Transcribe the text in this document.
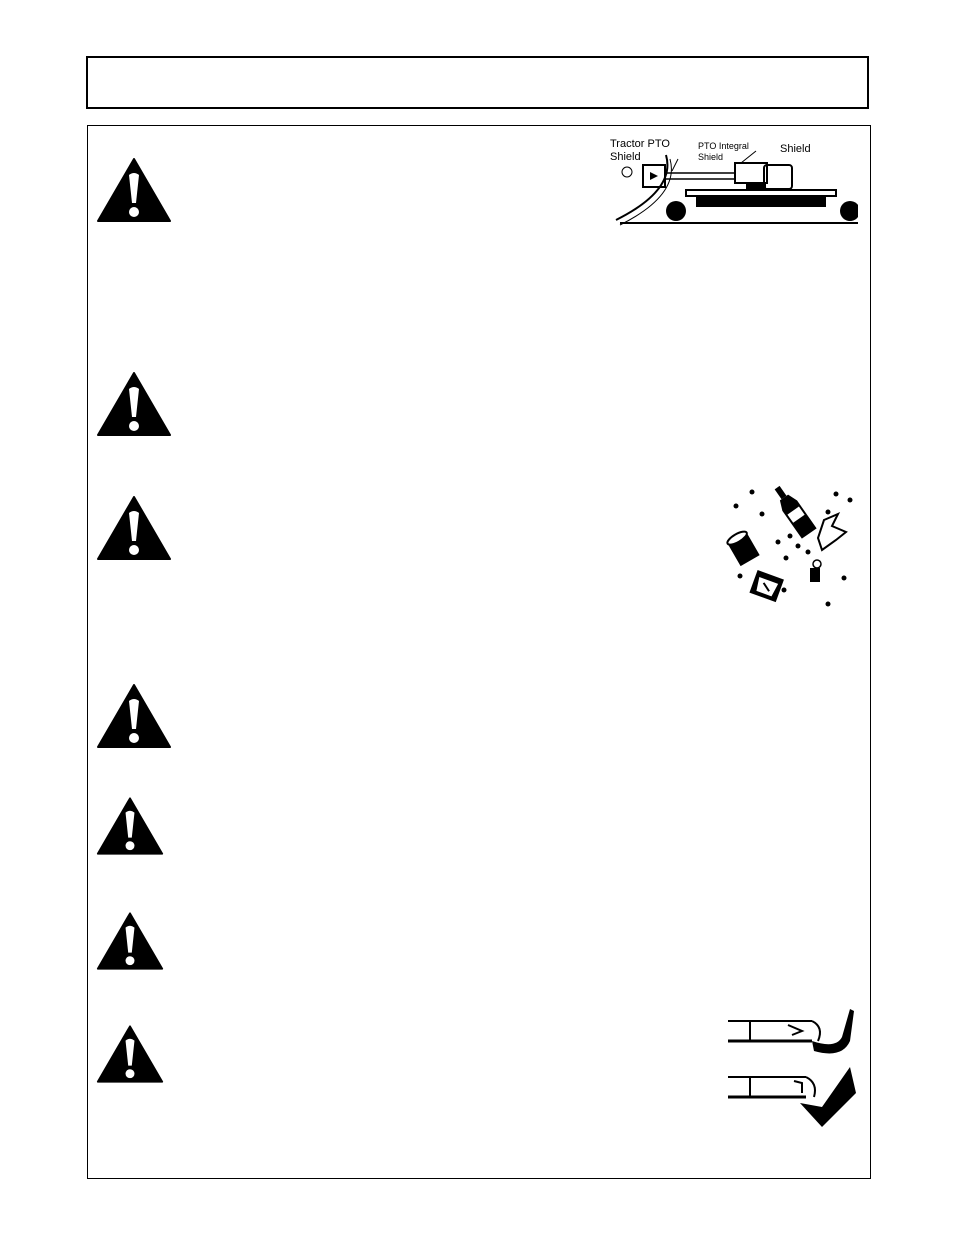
Tractor PTO
Shield
PTO Integral
Shield
Shield
